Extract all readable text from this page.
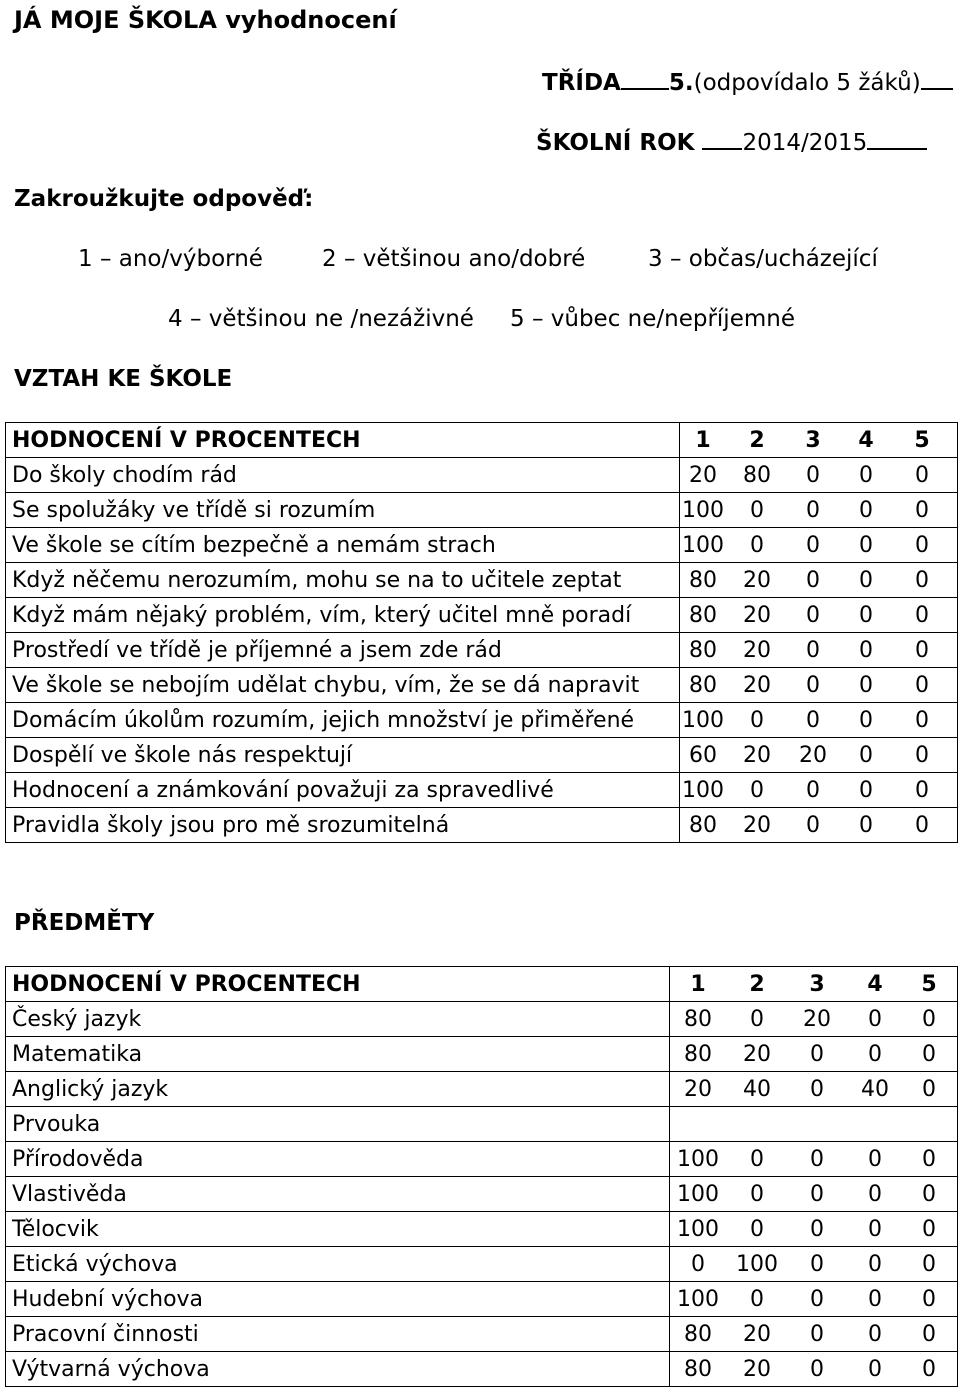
JÁ MOJE ŠKOLA vyhodnocení
TŘÍDA 5.(odpovídalo 5 žáků)
ŠKOLNÍ ROK 2014/2015
Zakroužkujte odpověď:
1 – ano/výborné	2 – většinou ano/dobré	3 – občas/ucházející
4 – většinou ne /nezáživné 5 – vůbec ne/nepříjemné
VZTAH KE ŠKOLE
HODNOCENÍ V PROCENTECH	1 2 3 4 5
Do školy chodím rád	20 80 0 0 0
Se spolužáky ve třídě si rozumím	100 0 0 0 0
Ve škole se cítím bezpečně a nemám strach	100 0 0 0 0
Když něčemu nerozumím, mohu se na to učitele zeptat	80 20 0 0 0
Když mám nějaký problém, vím, který učitel mně poradí	80 20 0 0 0
Prostředí ve třídě je příjemné a jsem zde rád	80 20 0 0 0
Ve škole se nebojím udělat chybu, vím, že se dá napravit	80 20 0 0 0
Domácím úkolům rozumím, jejich množství je přiměřené	100 0 0 0 0
Dospělí ve škole nás respektují	60 20 20 0 0
Hodnocení a známkování považuji za spravedlivé	100 0 0 0 0
Pravidla školy jsou pro mě srozumitelná	80 20 0 0 0
PŘEDMĚTY
HODNOCENÍ V PROCENTECH	1 2 3 4 5
Český jazyk	80 0 20 0 0
Matematika	80 20 0 0 0
Anglický jazyk	20 40 0 40 0
Prvouka	
Přírodověda	100 0 0 0 0
Vlastivěda	100 0 0 0 0
Tělocvik	100 0 0 0 0
Etická výchova	0 100 0 0 0
Hudební výchova	100 0 0 0 0
Pracovní činnosti	80 20 0 0 0
Výtvarná výchova	80 20 0 0 0
